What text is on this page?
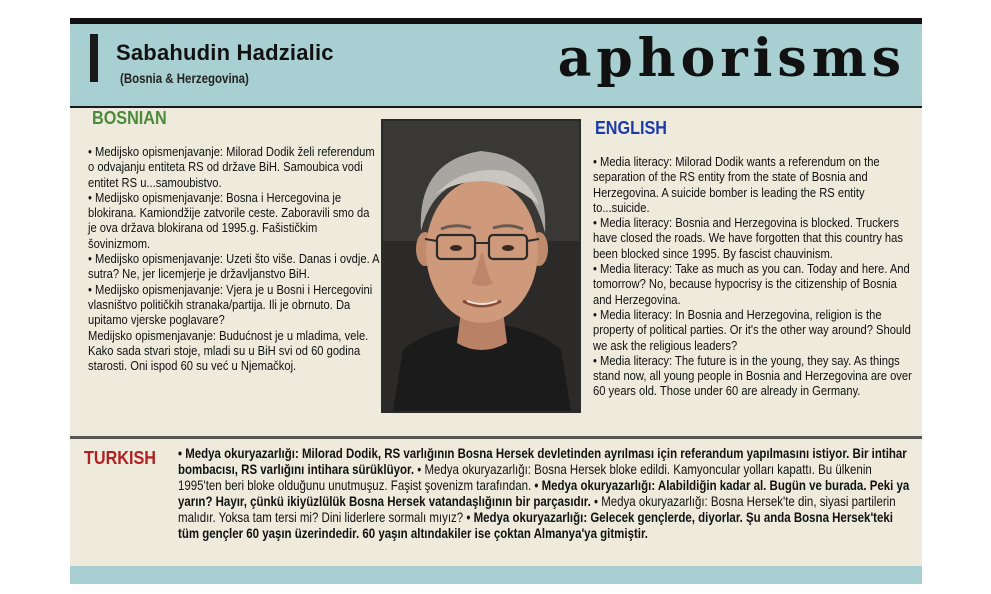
Sabahudin Hadzialic
(Bosnia & Herzegovina)	aphorisms
BOSNIAN

• Medijsko opismenjavanje: Milorad Dodik želi referendum o odvajanju entiteta RS od države BiH. Samoubica vodi entitet RS u...samoubistvo.

• Medijsko opismenjavanje: Bosna i Hercegovina je blokirana. Kamiondžije zatvorile ceste. Zaboravili smo da je ova država blokirana od 1995.g. Fašističkim šovinizmom.

• Medijsko opismenjavanje: Uzeti što više. Danas i ovdje. A sutra? Ne, jer licemjerje je državljanstvo BiH.

• Medijsko opismenjavanje: Vjera je u Bosni i Hercegovini vlasništvo političkih stranaka/partija. Ili je obrnuto. Da upitamo vjerske poglavare?

Medijsko opismenjavanje: Budućnost je u mladima, vele. Kako sada stvari stoje, mladi su u BiH svi od 60 godina starosti. Oni ispod 60 su već u Njemačkoj.

ENGLISH

• Media literacy: Milorad Dodik wants a referendum on the separation of the RS entity from the state of Bosnia and Herzegovina. A suicide bomber is leading the RS entity to...suicide.

• Media literacy: Bosnia and Herzegovina is blocked. Truckers have closed the roads. We have forgotten that this country has been blocked since 1995. By fascist chauvinism.

• Media literacy: Take as much as you can. Today and here. And tomorrow? No, because hypocrisy is the citizenship of Bosnia and Herzegovina.

• Media literacy: In Bosnia and Herzegovina, religion is the property of political parties. Or it's the other way around? Should we ask the religious leaders?

• Media literacy: The future is in the young, they say. As things stand now, all young people in Bosnia and Herzegovina are over 60 years old. Those under 60 are already in Germany.

TURKISH • Medya okuryazarlığı: Milorad Dodik, RS varlığının Bosna Hersek devletinden ayrılması için referandum yapılmasını istiyor. Bir intihar bombacısı, RS varlığını intihara sürüklüyor. • Medya okuryazarlığı: Bosna Hersek bloke edildi. Kamyoncular yolları kapattı. Bu ülkenin 1995'ten beri bloke olduğunu unutmuşuz. Faşist şovenizm tarafından. • Medya okuryazarlığı: Alabildiğin kadar al. Bugün ve burada. Peki ya yarın? Hayır, çünkü ikiyüzlülük Bosna Hersek vatandaşlığının bir parçasıdır. • Medya okuryazarlığı: Bosna Hersek'te din, siyasi partilerin malıdır. Yoksa tam tersi mi? Dini liderlere sormalı mıyız? • Medya okuryazarlığı: Gelecek gençlerde, diyorlar. Şu anda Bosna Hersek'teki tüm gençler 60 yaşın üzerindedir. 60 yaşın altındakiler ise çoktan Almanya'ya gitmiştir.
